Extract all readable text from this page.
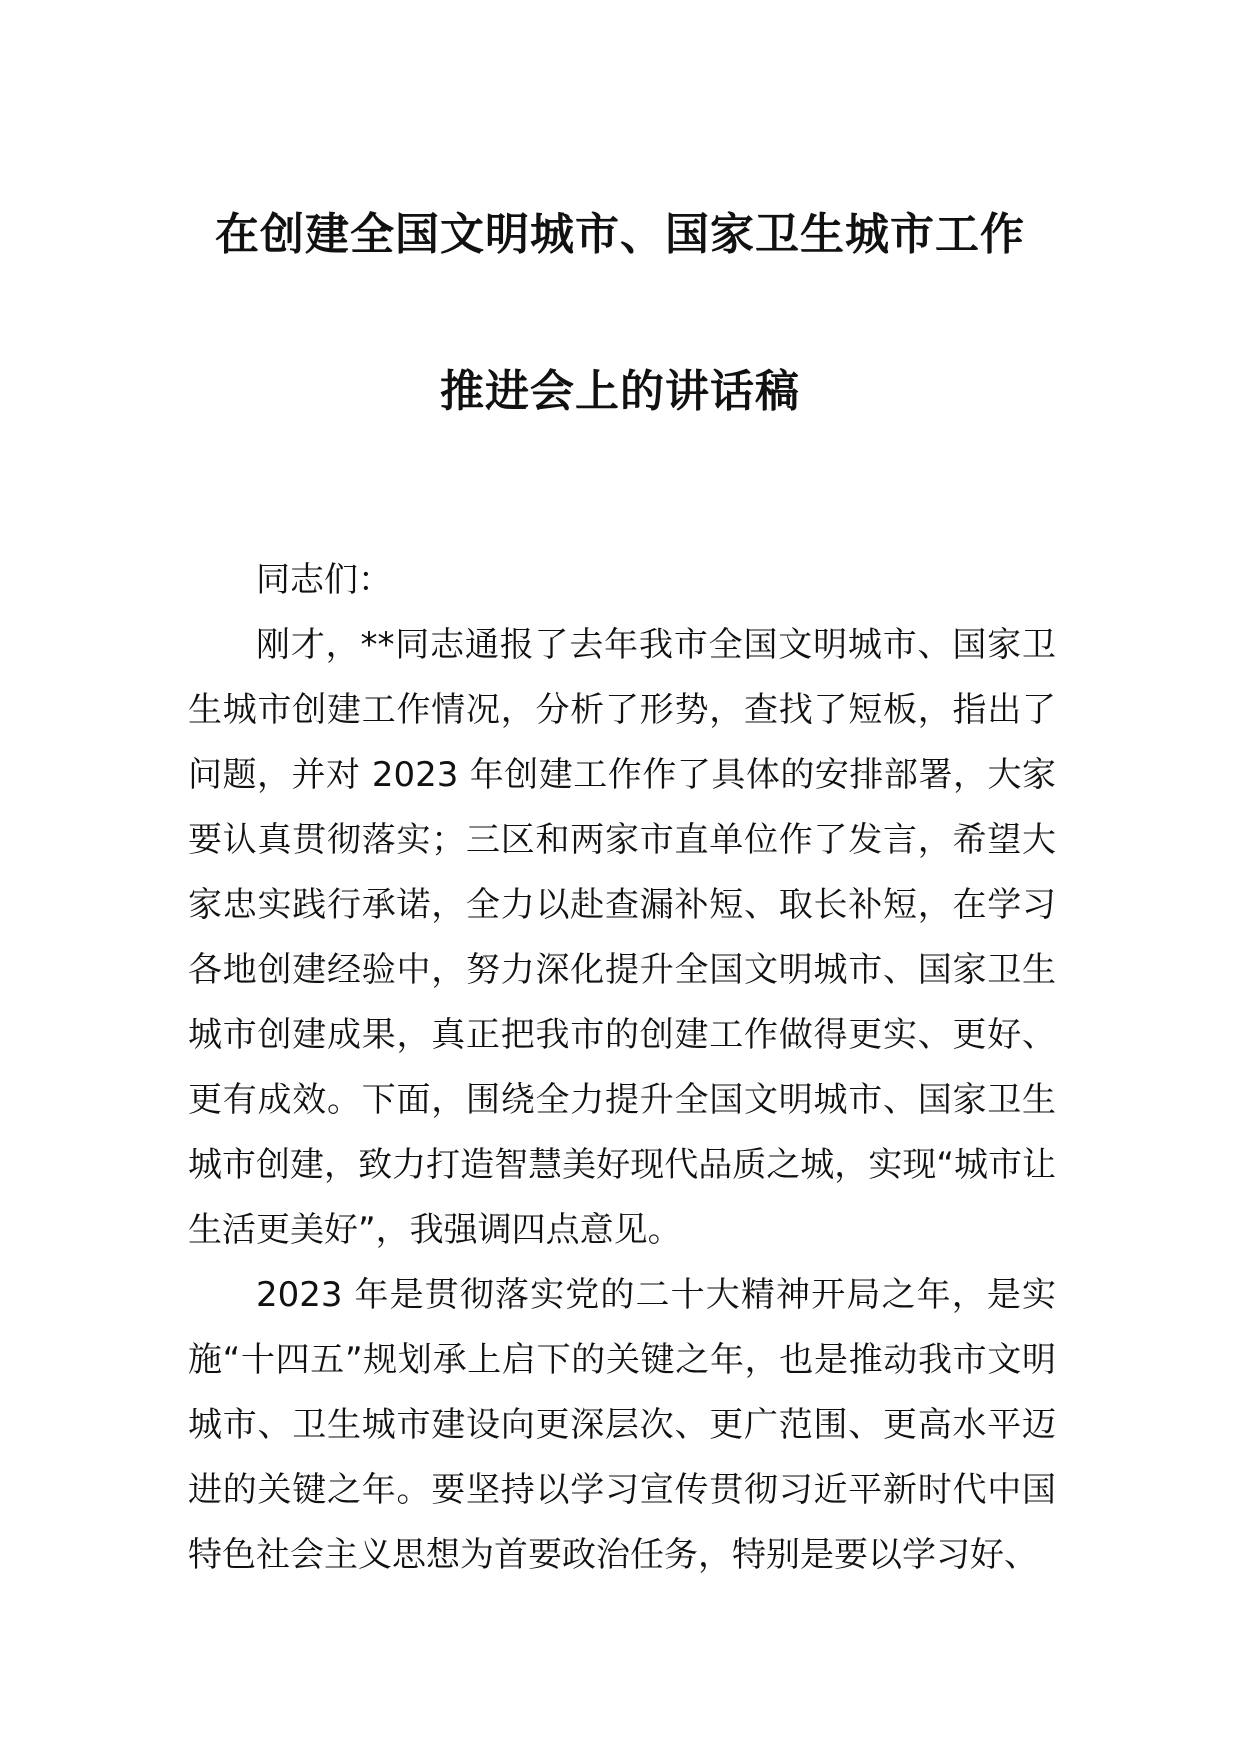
在创建全国文明城市、国家卫生城市工作
推进会上的讲话稿

同志们：

刚才，**同志通报了去年我市全国文明城市、国家卫生城市创建工作情况，分析了形势，查找了短板，指出了问题，并对 2023 年创建工作作了具体的安排部署，大家要认真贯彻落实；三区和两家市直单位作了发言，希望大家忠实践行承诺，全力以赴查漏补短、取长补短，在学习各地创建经验中，努力深化提升全国文明城市、国家卫生城市创建成果，真正把我市的创建工作做得更实、更好、更有成效。下面，围绕全力提升全国文明城市、国家卫生城市创建，致力打造智慧美好现代品质之城，实现“城市让生活更美好”，我强调四点意见。

2023 年是贯彻落实党的二十大精神开局之年，是实施“十四五”规划承上启下的关键之年，也是推动我市文明城市、卫生城市建设向更深层次、更广范围、更高水平迈进的关键之年。要坚持以学习宣传贯彻习近平新时代中国特色社会主义思想为首要政治任务，特别是要以学习好、
